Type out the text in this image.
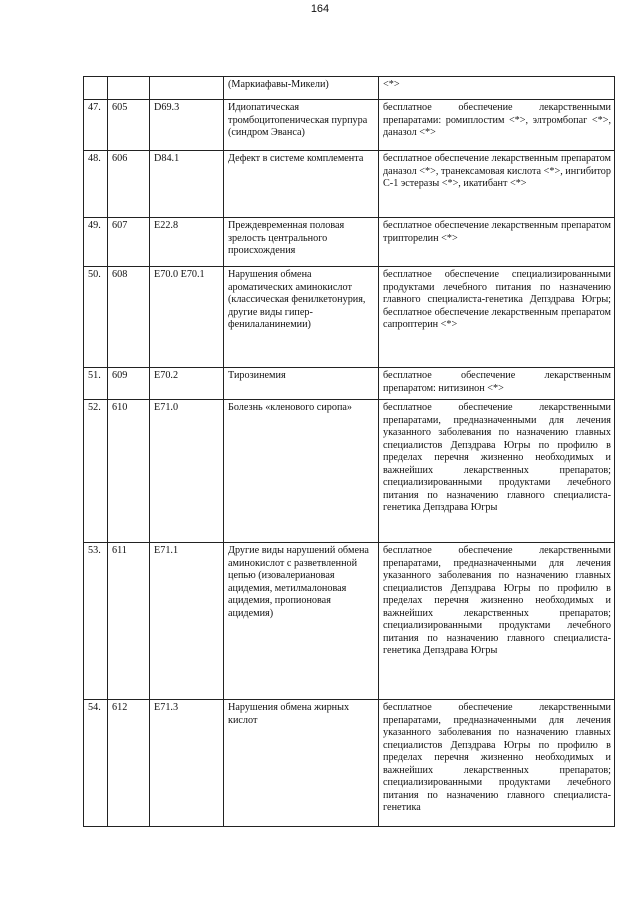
164
			(Маркиафавы-Микели)	<*>
47.	605	D69.3	Идиопатическая тромбоцитопеническая пурпура (синдром Эванса)	бесплатное обеспечение лекарственными препаратами: ромиплостим <*>, элтромбопаг <*>, даназол <*>
48.	606	D84.1	Дефект в системе комплемента	бесплатное обеспечение лекарственным препаратом даназол <*>, транексамовая кислота <*>, ингибитор С-1 эстеразы <*>, икатибант <*>
49.	607	E22.8	Преждевременная половая зрелость центрального происхождения	бесплатное обеспечение лекарственным препаратом трипторелин <*>
50.	608	E70.0 E70.1	Нарушения обмена ароматических аминокислот (классическая фенилкетонурия, другие виды гипер-фенилаланинемии)	бесплатное обеспечение специализированными продуктами лечебного питания по назначению главного специалиста-генетика Депздрава Югры; бесплатное обеспечение лекарственным препаратом сапроптерин <*>
51.	609	E70.2	Тирозинемия	бесплатное обеспечение лекарственным препаратом: нитизинон <*>
52.	610	E71.0	Болезнь «кленового сиропа»	бесплатное обеспечение лекарственными препаратами, предназначенными для лечения указанного заболевания по назначению главных специалистов Депздрава Югры по профилю в пределах перечня жизненно необходимых и важнейших лекарственных препаратов; специализированными продуктами лечебного питания по назначению главного специалиста-генетика Депздрава Югры
53.	611	E71.1	Другие виды нарушений обмена аминокислот с разветвленной цепью (изовалериановая ацидемия, метилмалоновая ацидемия, пропионовая ацидемия)	бесплатное обеспечение лекарственными препаратами, предназначенными для лечения указанного заболевания по назначению главных специалистов Депздрава Югры по профилю в пределах перечня жизненно необходимых и важнейших лекарственных препаратов; специализированными продуктами лечебного питания по назначению главного специалиста-генетика Депздрава Югры
54.	612	E71.3	Нарушения обмена жирных кислот	бесплатное обеспечение лекарственными препаратами, предназначенными для лечения указанного заболевания по назначению главных специалистов Депздрава Югры по профилю в пределах перечня жизненно необходимых и важнейших лекарственных препаратов; специализированными продуктами лечебного питания по назначению главного специалиста-генетика
